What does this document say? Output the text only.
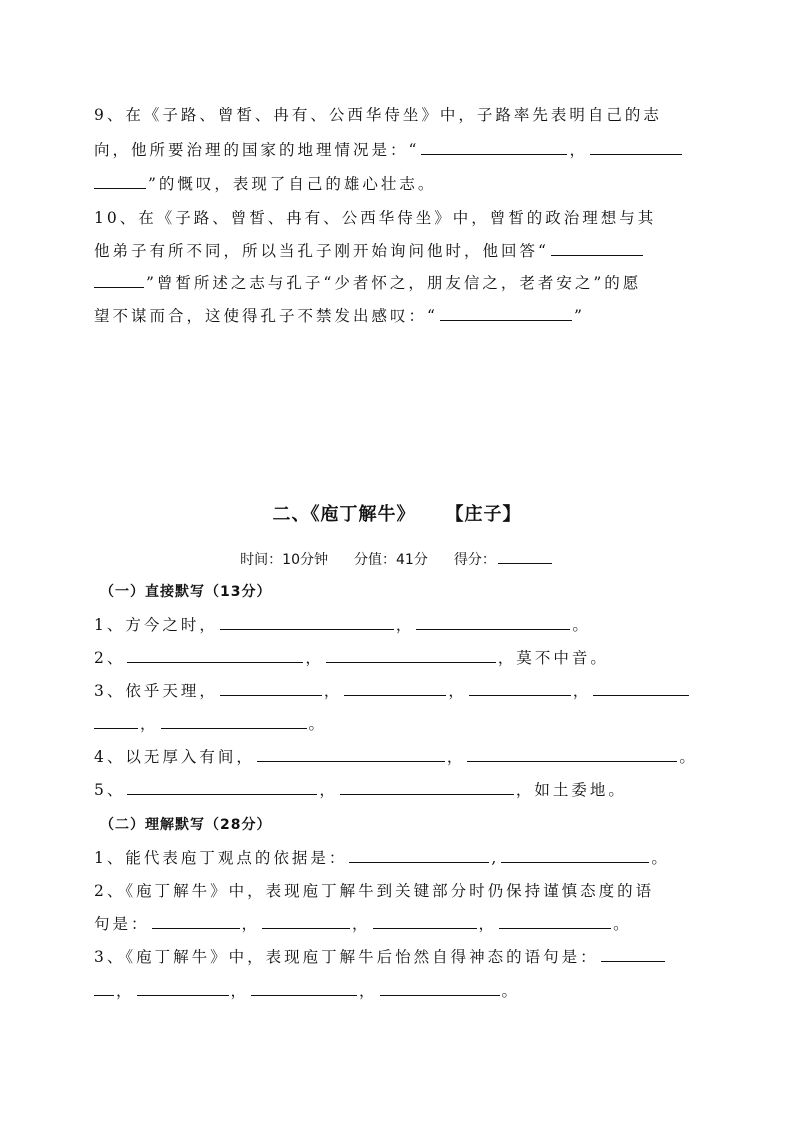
9、在《子路、曾皙、冉有、公西华侍坐》中，子路率先表明自己的志
向，他所要治理的国家的地理情况是：“	，
”的慨叹，表现了自己的雄心壮志。
10、在《子路、曾皙、冉有、公西华侍坐》中，曾皙的政治理想与其
他弟子有所不同，所以当孔子刚开始询问他时，他回答“
”曾皙所述之志与孔子“少者怀之，朋友信之，老者安之”的愿
望不谋而合，这使得孔子不禁发出感叹：“	”
二、《庖丁解牛》 【庄子】
时间：10分钟 分值：41分 得分：
（一）直接默写（13分）
1、方今之时，	，	。
2、	，	，莫不中音。
3、依乎天理，	，	，	，
，	。
4、以无厚入有间，	，	。
5、	，	，如土委地。
（二）理解默写（28分）
1、能代表庖丁观点的依据是：	,	。
2、《庖丁解牛》中，表现庖丁解牛到关键部分时仍保持谨慎态度的语
句是：	，	，	，	。
3、《庖丁解牛》中，表现庖丁解牛后怡然自得神态的语句是：
，	，	，	。
